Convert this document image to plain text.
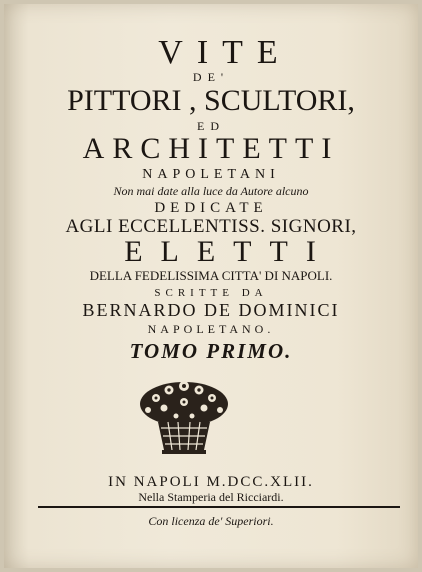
VITE
DE'
PITTORI , SCULTORI,
ED
ARCHITETTI
NAPOLETANI
Non mai date alla luce da Autore alcuno
DEDICATE
AGLI ECCELLENTISS. SIGNORI,
ELETTI
DELLA FEDELISSIMA CITTA' DI NAPOLI.
SCRITTE DA
BERNARDO DE DOMINICI
NAPOLETANO.
TOMO PRIMO.
IN NAPOLI M.DCC.XLII.
Nella Stamperia del Ricciardi.
Con licenza de' Superiori.
